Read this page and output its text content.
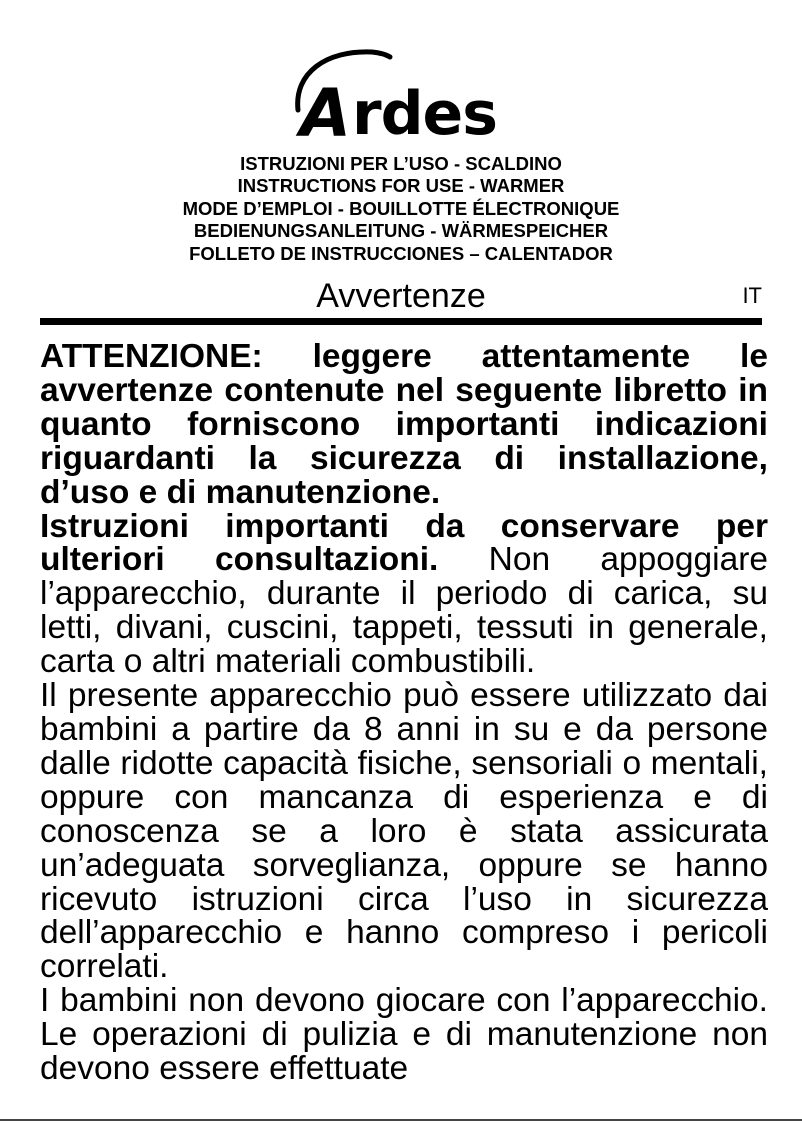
A rdes
ISTRUZIONI PER L’USO - SCALDINO
INSTRUCTIONS FOR USE - WARMER
MODE D’EMPLOI - BOUILLOTTE ÉLECTRONIQUE
BEDIENUNGSANLEITUNG - WÄRMESPEICHER
FOLLETO DE INSTRUCCIONES – CALENTADOR
Avvertenze	IT

ATTENZIONE: leggere attentamente le avvertenze contenute nel seguente libretto in quanto forniscono importanti indicazioni riguardanti la sicurezza di installazione, d’uso e di manutenzione.

Istruzioni importanti da conservare per ulteriori consultazioni. Non appoggiare l’apparecchio, durante il periodo di carica, su letti, divani, cuscini, tappeti, tessuti in generale, carta o altri materiali combustibili.

Il presente apparecchio può essere utilizzato dai bambini a partire da 8 anni in su e da persone dalle ridotte capacità fisiche, sensoriali o mentali, oppure con mancanza di esperienza e di conoscenza se a loro è stata assicurata un’adeguata sorveglianza, oppure se hanno ricevuto istruzioni circa l’uso in sicurezza dell’apparecchio e hanno compreso i pericoli correlati.

I bambini non devono giocare con l’apparecchio. Le operazioni di pulizia e di manutenzione non devono essere effettuate
